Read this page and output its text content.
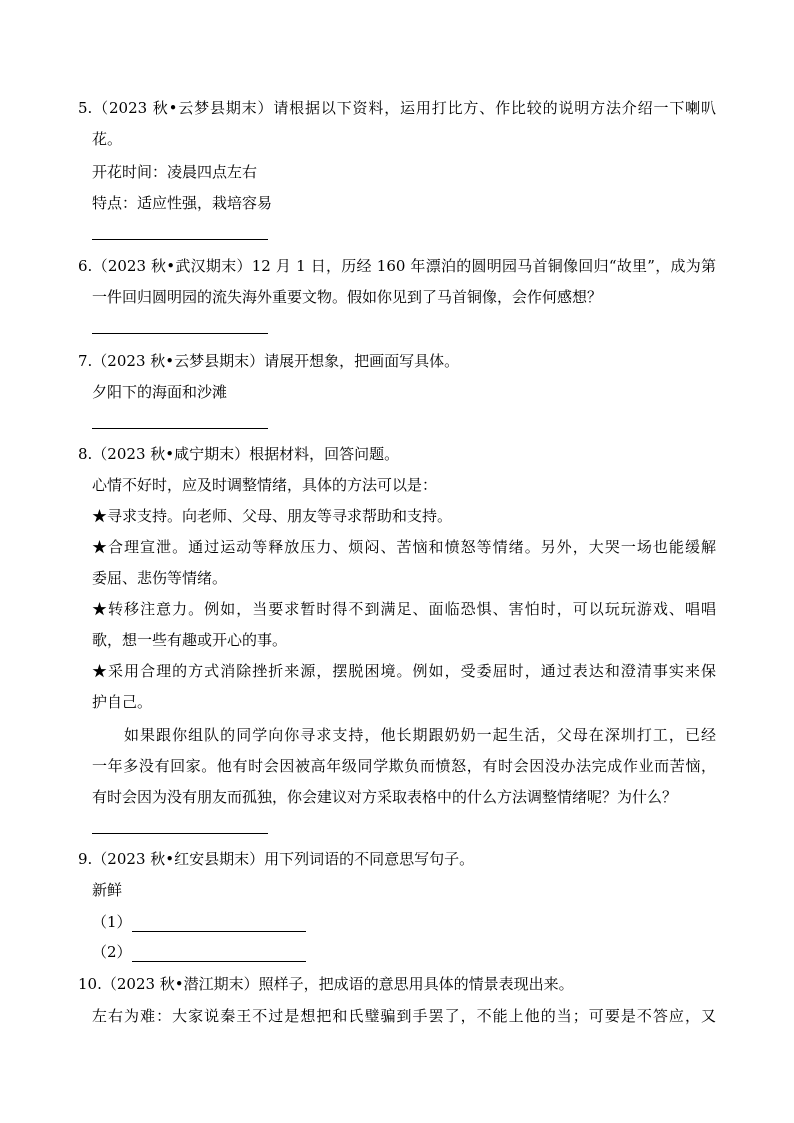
5.（2023 秋•云梦县期末）请根据以下资料，运用打比方、作比较的说明方法介绍一下喇叭
花。
开花时间：凌晨四点左右
特点：适应性强，栽培容易
6.（2023 秋•武汉期末）12 月 1 日，历经 160 年漂泊的圆明园马首铜像回归“故里”，成为第
一件回归圆明园的流失海外重要文物。假如你见到了马首铜像，会作何感想？
7.（2023 秋•云梦县期末）请展开想象，把画面写具体。
夕阳下的海面和沙滩
8.（2023 秋•咸宁期末）根据材料，回答问题。
心情不好时，应及时调整情绪，具体的方法可以是：
★寻求支持。向老师、父母、朋友等寻求帮助和支持。
★合理宣泄。通过运动等释放压力、烦闷、苦恼和愤怒等情绪。另外，大哭一场也能缓解
委屈、悲伤等情绪。
★转移注意力。例如，当要求暂时得不到满足、面临恐惧、害怕时，可以玩玩游戏、唱唱
歌，想一些有趣或开心的事。
★采用合理的方式消除挫折来源，摆脱困境。例如，受委屈时，通过表达和澄清事实来保
护自己。
如果跟你组队的同学向你寻求支持，他长期跟奶奶一起生活，父母在深圳打工，已经
一年多没有回家。他有时会因被高年级同学欺负而愤怒，有时会因没办法完成作业而苦恼，
有时会因为没有朋友而孤独，你会建议对方采取表格中的什么方法调整情绪呢？为什么？
9.（2023 秋•红安县期末）用下列词语的不同意思写句子。
新鲜
（1）
（2）
10.（2023 秋•潜江期末）照样子，把成语的意思用具体的情景表现出来。
左右为难：大家说秦王不过是想把和氏璧骗到手罢了，不能上他的当；可要是不答应，又
